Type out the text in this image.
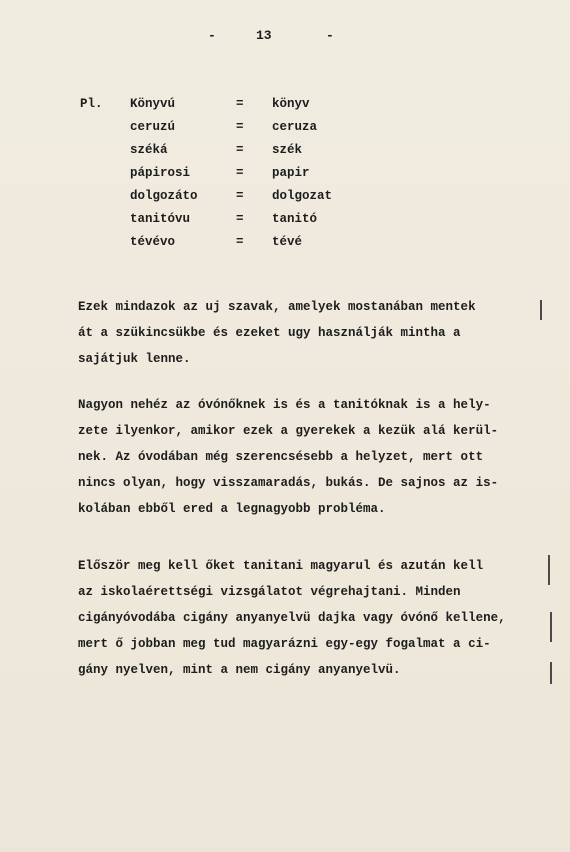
-	13	-
Pl. Könyvú	= könyv
ceruzú	= ceruza
széká	= szék
pápirosi	= papir
dolgozáto	= dolgozat
tanitóvu	= tanitó
tévévo	= tévé
Ezek mindazok az uj szavak, amelyek mostanában mentek
át a szükincsükbe és ezeket ugy használják mintha a
sajátjuk lenne.
Nagyon nehéz az óvónőknek is és a tanitóknak is a hely-
zete ilyenkor, amikor ezek a gyerekek a kezük alá kerül-
nek. Az óvodában még szerencsésebb a helyzet, mert ott
nincs olyan, hogy visszamaradás, bukás. De sajnos az is-
kolában ebből ered a legnagyobb probléma.
Először meg kell őket tanitani magyarul és azután kell
az iskolaérettségi vizsgálatot végrehajtani. Minden
cigányóvodába cigány anyanyelvü dajka vagy óvónő kellene,
mert ő jobban meg tud magyarázni egy-egy fogalmat a ci-
gány nyelven, mint a nem cigány anyanyelvü.
